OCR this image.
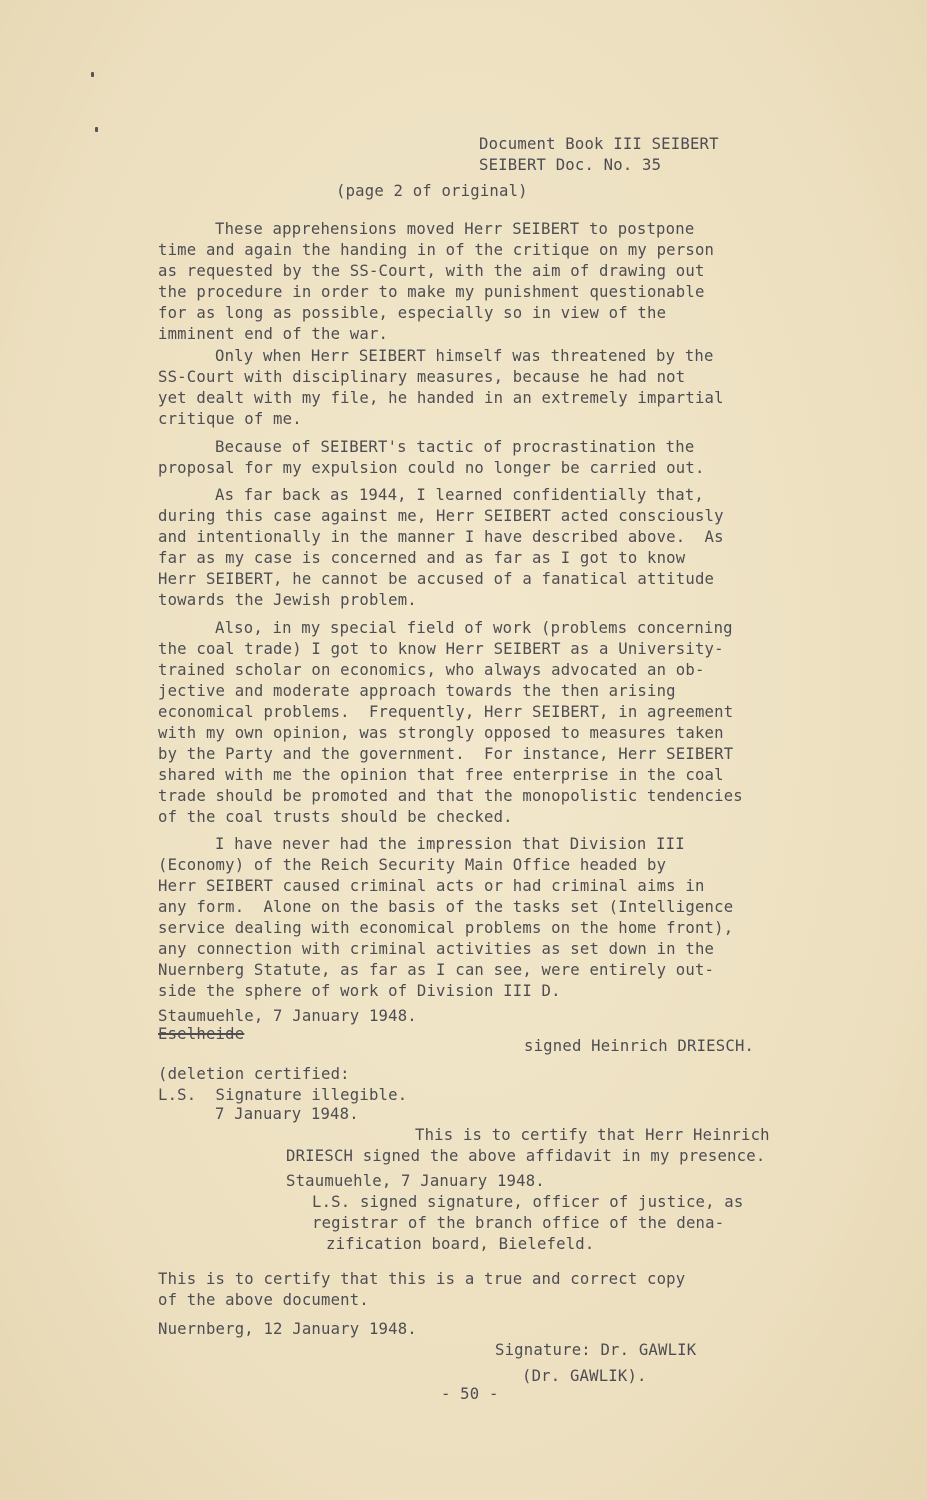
Document Book III SEIBERT
SEIBERT Doc. No. 35
(page 2 of original)
These apprehensions moved Herr SEIBERT to postpone
time and again the handing in of the critique on my person
as requested by the SS-Court, with the aim of drawing out
the procedure in order to make my punishment questionable
for as long as possible, especially so in view of the
imminent end of the war.
Only when Herr SEIBERT himself was threatened by the
SS-Court with disciplinary measures, because he had not
yet dealt with my file, he handed in an extremely impartial
critique of me.
Because of SEIBERT's tactic of procrastination the
proposal for my expulsion could no longer be carried out.
As far back as 1944, I learned confidentially that,
during this case against me, Herr SEIBERT acted consciously
and intentionally in the manner I have described above.  As
far as my case is concerned and as far as I got to know
Herr SEIBERT, he cannot be accused of a fanatical attitude
towards the Jewish problem.
Also, in my special field of work (problems concerning
the coal trade) I got to know Herr SEIBERT as a University-
trained scholar on economics, who always advocated an ob-
jective and moderate approach towards the then arising
economical problems.  Frequently, Herr SEIBERT, in agreement
with my own opinion, was strongly opposed to measures taken
by the Party and the government.  For instance, Herr SEIBERT
shared with me the opinion that free enterprise in the coal
trade should be promoted and that the monopolistic tendencies
of the coal trusts should be checked.
I have never had the impression that Division III
(Economy) of the Reich Security Main Office headed by
Herr SEIBERT caused criminal acts or had criminal aims in
any form.  Alone on the basis of the tasks set (Intelligence
service dealing with economical problems on the home front),
any connection with criminal activities as set down in the
Nuernberg Statute, as far as I can see, were entirely out-
side the sphere of work of Division III D.
Staumuehle, 7 January 1948.
Eselheide
signed Heinrich DRIESCH.
(deletion certified:
L.S.  Signature illegible.
7 January 1948.
This is to certify that Herr Heinrich
DRIESCH signed the above affidavit in my presence.
Staumuehle, 7 January 1948.
L.S. signed signature, officer of justice, as
registrar of the branch office of the dena-
zification board, Bielefeld.
This is to certify that this is a true and correct copy
of the above document.
Nuernberg, 12 January 1948.
Signature: Dr. GAWLIK
(Dr. GAWLIK).
- 50 -
